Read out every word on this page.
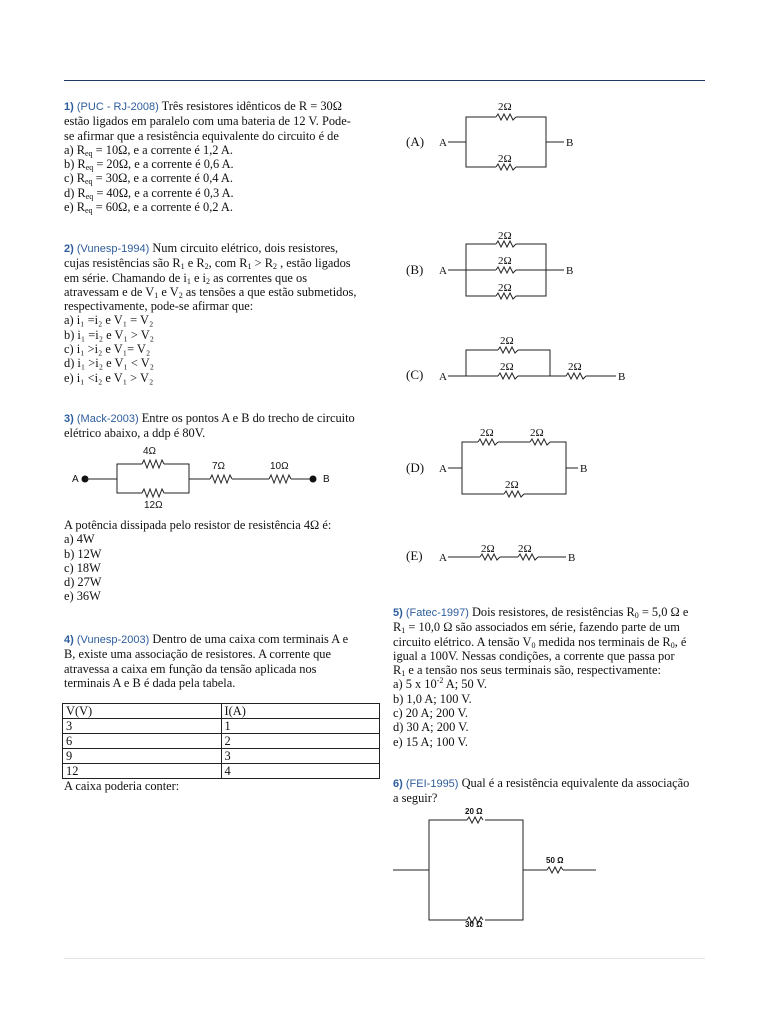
1) (PUC - RJ-2008) Três resistores idênticos de R = 30Ω
estão ligados em paralelo com uma bateria de 12 V. Pode-
se afirmar que a resistência equivalente do circuito é de
a) $R_{eq} = 10\Omega$, e a corrente é 1,2 A.
b) $R_{eq} = 20\Omega$, e a corrente é 0,6 A.
c) $R_{eq} = 30\Omega$, e a corrente é 0,4 A.
d) $R_{eq} = 40\Omega$, e a corrente é 0,3 A.
e) $R_{eq} = 60\Omega$, e a corrente é 0,2 A.
2) (Vunesp-1994) Num circuito elétrico, dois resistores,
cujas resistências são $R_1$ e $R_2$, com $R_1 > R_2$ , estão ligados
em série. Chamando de $i_1$ e $i_2$ as correntes que os
atravessam e de $V_1$ e $V_2$ as tensões a que estão submetidos,
respectivamente, pode-se afirmar que:
a) i₁ =i₂ e V₁ = V₂
b) i₁ =i₂ e V₁ > V₂
c) i₁ >i₂ e V₁= V₂
d) i₁ >i₂ e V₁ < V₂
e) i₁ <i₂ e V₁ > V₂
3) (Mack-2003) Entre os pontos A e B do trecho de circuito
elétrico abaixo, a ddp é 80V.
A
4Ω
12Ω
7Ω	10Ω
B
A potência dissipada pelo resistor de resistência 4Ω é:
a) 4W
b) 12W
c) 18W
d) 27W
e) 36W
4) (Vunesp-2003) Dentro de uma caixa com terminais A e
B, existe uma associação de resistores. A corrente que
atravessa a caixa em função da tensão aplicada nos
terminais A e B é dada pela tabela.
V(V)	I(A)
3	1
6	2
9	3
12	4
A caixa poderia conter:
(A) A
2Ω
2Ω
B
(B) A
2Ω
2Ω
2Ω
B
(C) A
2Ω
2Ω	2Ω
B
(D) A
2Ω	2Ω
2Ω
B
(E) A
2Ω 2Ω
B
5) (Fatec-1997) Dois resistores, de resistências $R_0 = 5,0$ Ω e
$R_1 = 10,0$ Ω são associados em série, fazendo parte de um
circuito elétrico. A tensão $V_0$ medida nos terminais de $R_0$, é
igual a 100V. Nessas condições, a corrente que passa por
$R_1$ e a tensão nos seus terminais são, respectivamente:
a) 5 x $10^{-2}$ A; 50 V.
b) 1,0 A; 100 V.
c) 20 A; 200 V.
d) 30 A; 200 V.
e) 15 A; 100 V.
6) (FEI-1995) Qual é a resistência equivalente da associação
a seguir?
20 Ω
30 Ω
50 Ω
